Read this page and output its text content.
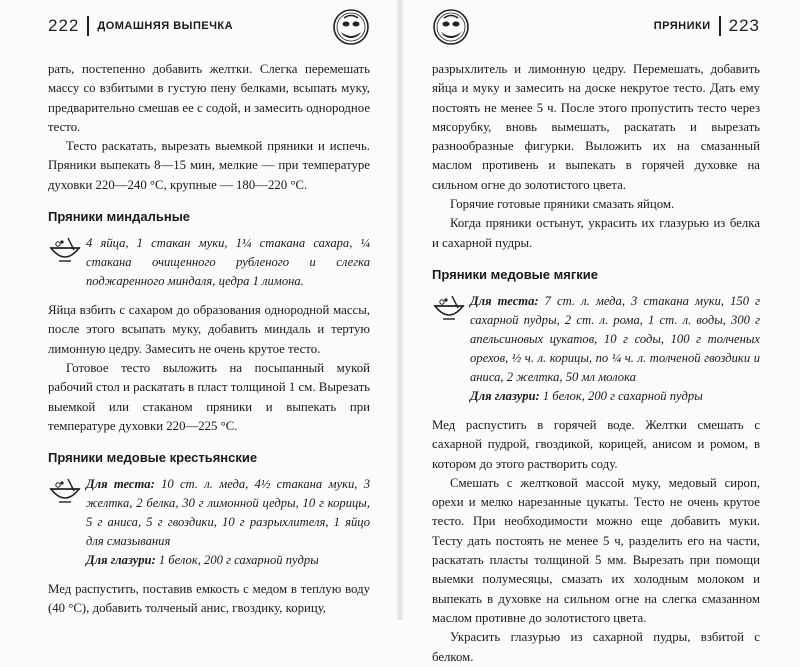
222 ДОМАШНЯЯ ВЫПЕЧКА

рать, постепенно добавить желтки. Слегка перемешать массу со взбитыми в густую пену белками, всыпать муку, предварительно смешав ее с содой, и замесить однородное тесто.

Тесто раскатать, вырезать выемкой пряники и испечь. Пряники выпекать 8—15 мин, мелкие — при температуре духовки 220—240 °С, крупные — 180—220 °С.

Пряники миндальные
4 яйца, 1 стакан муки, 1¼ стакана сахара, ¼ стакана очищенного рубленого и слегка поджаренного миндаля, цедра 1 лимона.

Яйца взбить с сахаром до образования однородной массы, после этого всыпать муку, добавить миндаль и тертую лимонную цедру. Замесить не очень крутое тесто.

Готовое тесто выложить на посыпанный мукой рабочий стол и раскатать в пласт толщиной 1 см. Вырезать выемкой или стаканом пряники и выпекать при температуре духовки 220—225 °С.

Пряники медовые крестьянские
Для теста: 10 ст. л. меда, 4½ стакана муки, 3 желтка, 2 белка, 30 г лимонной цедры, 10 г корицы, 5 г аниса, 5 г гвоздики, 10 г разрыхлителя, 1 яйцо для смазывания
Для глазури: 1 белок, 200 г сахарной пудры

Мед распустить, поставив емкость с медом в теплую воду (40 °С), добавить толченый анис, гвоздику, корицу,

ПРЯНИКИ 223

разрыхлитель и лимонную цедру. Перемешать, добавить яйца и муку и замесить на доске некрутое тесто. Дать ему постоять не менее 5 ч. После этого пропустить тесто через мясорубку, вновь вымешать, раскатать и вырезать разнообразные фигурки. Выложить их на смазанный маслом противень и выпекать в горячей духовке на сильном огне до золотистого цвета.

Горячие готовые пряники смазать яйцом.

Когда пряники остынут, украсить их глазурью из белка и сахарной пудры.

Пряники медовые мягкие
Для теста: 7 ст. л. меда, 3 стакана муки, 150 г сахарной пудры, 2 ст. л. рома, 1 ст. л. воды, 300 г апельсиновых цукатов, 10 г соды, 100 г толченых орехов, ½ ч. л. корицы, по ¼ ч. л. толченой гвоздики и аниса, 2 желтка, 50 мл молока
Для глазури: 1 белок, 200 г сахарной пудры

Мед распустить в горячей воде. Желтки смешать с сахарной пудрой, гвоздикой, корицей, анисом и ромом, в котором до этого растворить соду.

Смешать с желтковой массой муку, медовый сироп, орехи и мелко нарезанные цукаты. Тесто не очень крутое тесто. При необходимости можно еще добавить муки. Тесту дать постоять не менее 5 ч, разделить его на части, раскатать пласты толщиной 5 мм. Вырезать при помощи выемки полумесяцы, смазать их холодным молоком и выпекать в духовке на сильном огне на слегка смазанном маслом противне до золотистого цвета.

Украсить глазурью из сахарной пудры, взбитой с белком.
